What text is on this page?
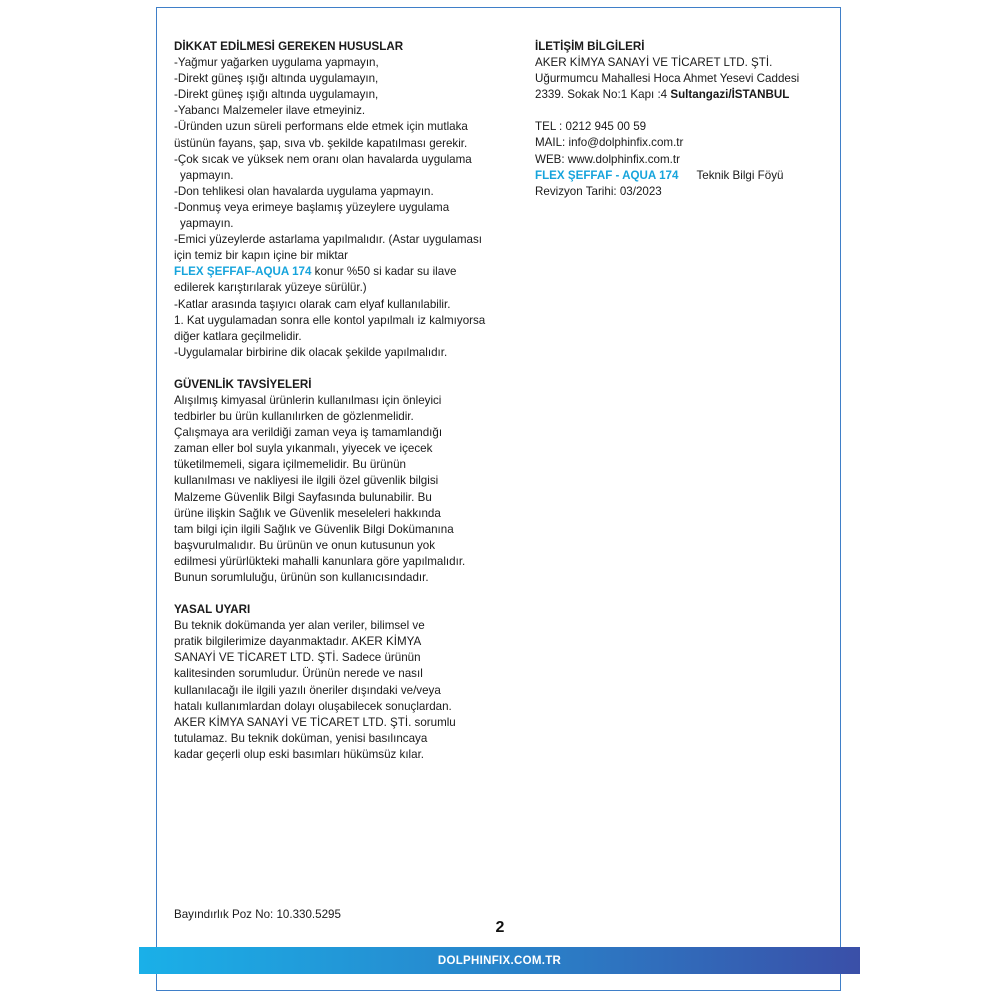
DİKKAT EDİLMESİ GEREKEN HUSUSLAR
-Yağmur yağarken uygulama yapmayın,
-Direkt güneş ışığı altında uygulamayın,
-Direkt güneş ışığı altında uygulamayın,
-Yabancı Malzemeler ilave etmeyiniz.
-Üründen uzun süreli performans elde etmek için mutlaka
üstünün fayans, şap, sıva vb. şekilde kapatılması gerekir.
-Çok sıcak ve yüksek nem oranı olan havalarda uygulama
yapmayın.
-Don tehlikesi olan havalarda uygulama yapmayın.
-Donmuş veya erimeye başlamış yüzeylere uygulama
yapmayın.
-Emici yüzeylerde astarlama yapılmalıdır. (Astar uygulaması
için temiz bir kapın içine bir miktar
FLEX ŞEFFAF-AQUA 174 konur %50 si kadar su ilave
edilerek karıştırılarak yüzeye sürülür.)
-Katlar arasında taşıyıcı olarak cam elyaf kullanılabilir.
1. Kat uygulamadan sonra elle kontol yapılmalı iz kalmıyorsa
diğer katlara geçilmelidir.
-Uygulamalar birbirine dik olacak şekilde yapılmalıdır.
GÜVENLİK TAVSİYELERİ
Alışılmış kimyasal ürünlerin kullanılması için önleyici
tedbirler bu ürün kullanılırken de gözlenmelidir.
Çalışmaya ara verildiği zaman veya iş tamamlandığı
zaman eller bol suyla yıkanmalı, yiyecek ve içecek
tüketilmemeli, sigara içilmemelidir. Bu ürünün
kullanılması ve nakliyesi ile ilgili özel güvenlik bilgisi
Malzeme Güvenlik Bilgi Sayfasında bulunabilir. Bu
ürüne ilişkin Sağlık ve Güvenlik meseleleri hakkında
tam bilgi için ilgili Sağlık ve Güvenlik Bilgi Dokümanına
başvurulmalıdır. Bu ürünün ve onun kutusunun yok
edilmesi yürürlükteki mahalli kanunlara göre yapılmalıdır.
Bunun sorumluluğu, ürünün son kullanıcısındadır.
YASAL UYARI
Bu teknik dokümanda yer alan veriler, bilimsel ve
pratik bilgilerimize dayanmaktadır. AKER KİMYA
SANAYİ VE TİCARET LTD. ŞTİ. Sadece ürünün
kalitesinden sorumludur. Ürünün nerede ve nasıl
kullanılacağı ile ilgili yazılı öneriler dışındaki ve/veya
hatalı kullanımlardan dolayı oluşabilecek sonuçlardan.
AKER KİMYA SANAYİ VE TİCARET LTD. ŞTİ. sorumlu
tutulamaz. Bu teknik doküman, yenisi basılıncaya
kadar geçerli olup eski basımları hükümsüz kılar.
İLETİŞİM BİLGİLERİ
AKER KİMYA SANAYİ VE TİCARET LTD. ŞTİ.
Uğurmumcu Mahallesi Hoca Ahmet Yesevi Caddesi
2339. Sokak No:1 Kapı :4 Sultangazi/İSTANBUL
TEL : 0212 945 00 59
MAIL: info@dolphinfix.com.tr
WEB: www.dolphinfix.com.tr
FLEX ŞEFFAF - AQUA 174 Teknik Bilgi Föyü
Revizyon Tarihi: 03/2023
Bayındırlık Poz No: 10.330.5295
2
DOLPHINFIX.COM.TR
